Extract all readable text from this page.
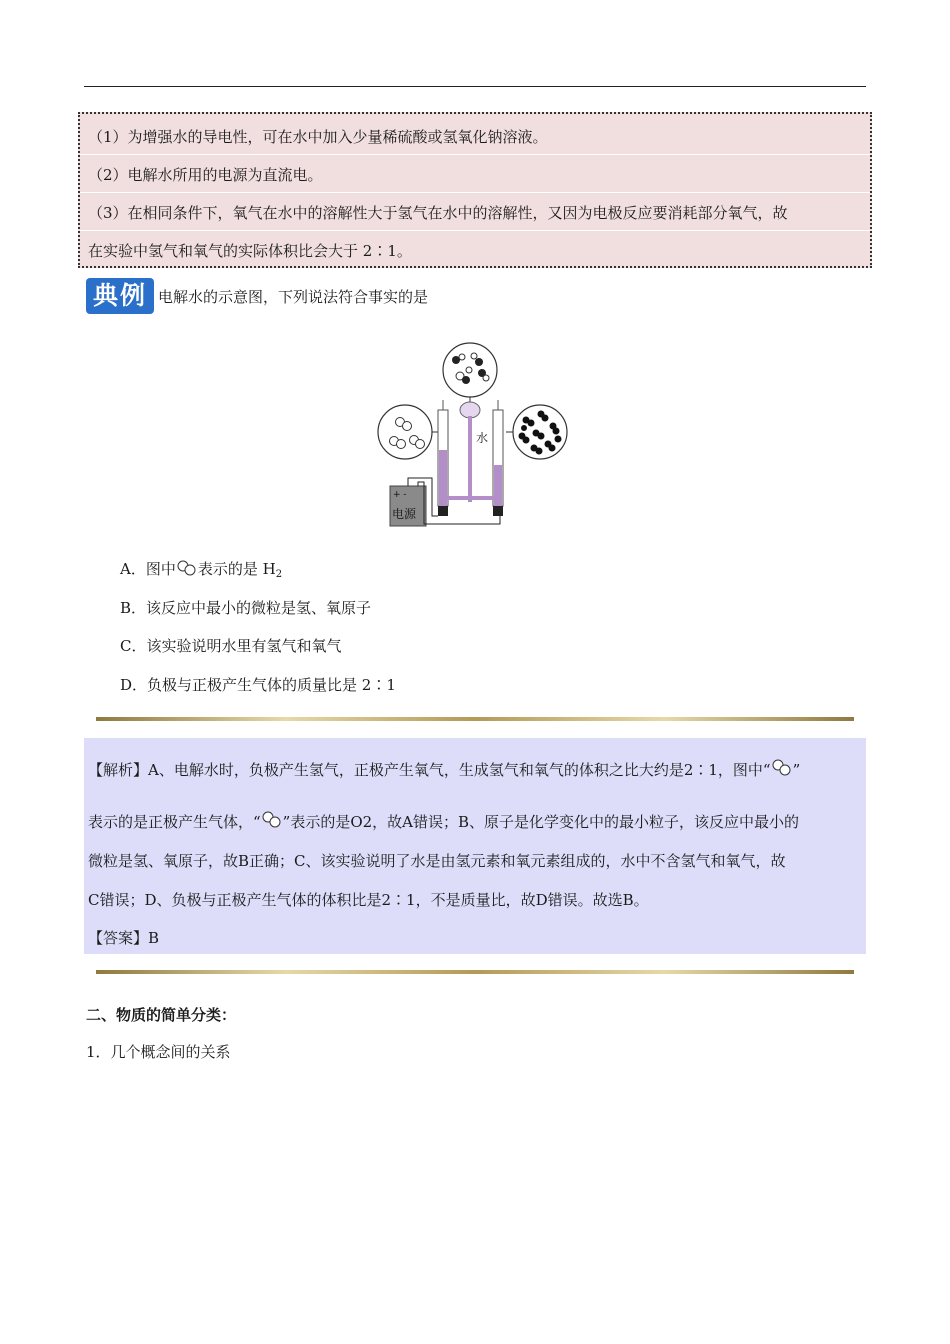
（1）为增强水的导电性，可在水中加入少量稀硫酸或氢氧化钠溶液。
（2）电解水所用的电源为直流电。
（3）在相同条件下，氧气在水中的溶解性大于氢气在水中的溶解性，又因为电极反应要消耗部分氧气，故
在实验中氢气和氧气的实际体积比会大于 2∶1。
典例 电解水的示意图，下列说法符合事实的是
水
+ -
电源
A．图中 表示的是 $H_2$
B．该反应中最小的微粒是氢、氧原子
C．该实验说明水里有氢气和氧气
D．负极与正极产生气体的质量比是 2∶1
【解析】A、电解水时，负极产生氢气，正极产生氧气，生成氢气和氧气的体积之比大约是2∶1，图中“ ”
表示的是正极产生气体，“ ”表示的是O2，故A错误；B、原子是化学变化中的最小粒子，该反应中最小的
微粒是氢、氧原子，故B正确；C、该实验说明了水是由氢元素和氧元素组成的，水中不含氢气和氧气，故
C错误；D、负极与正极产生气体的体积比是2∶1，不是质量比，故D错误。故选B。
【答案】B
二、物质的简单分类：
1．几个概念间的关系
